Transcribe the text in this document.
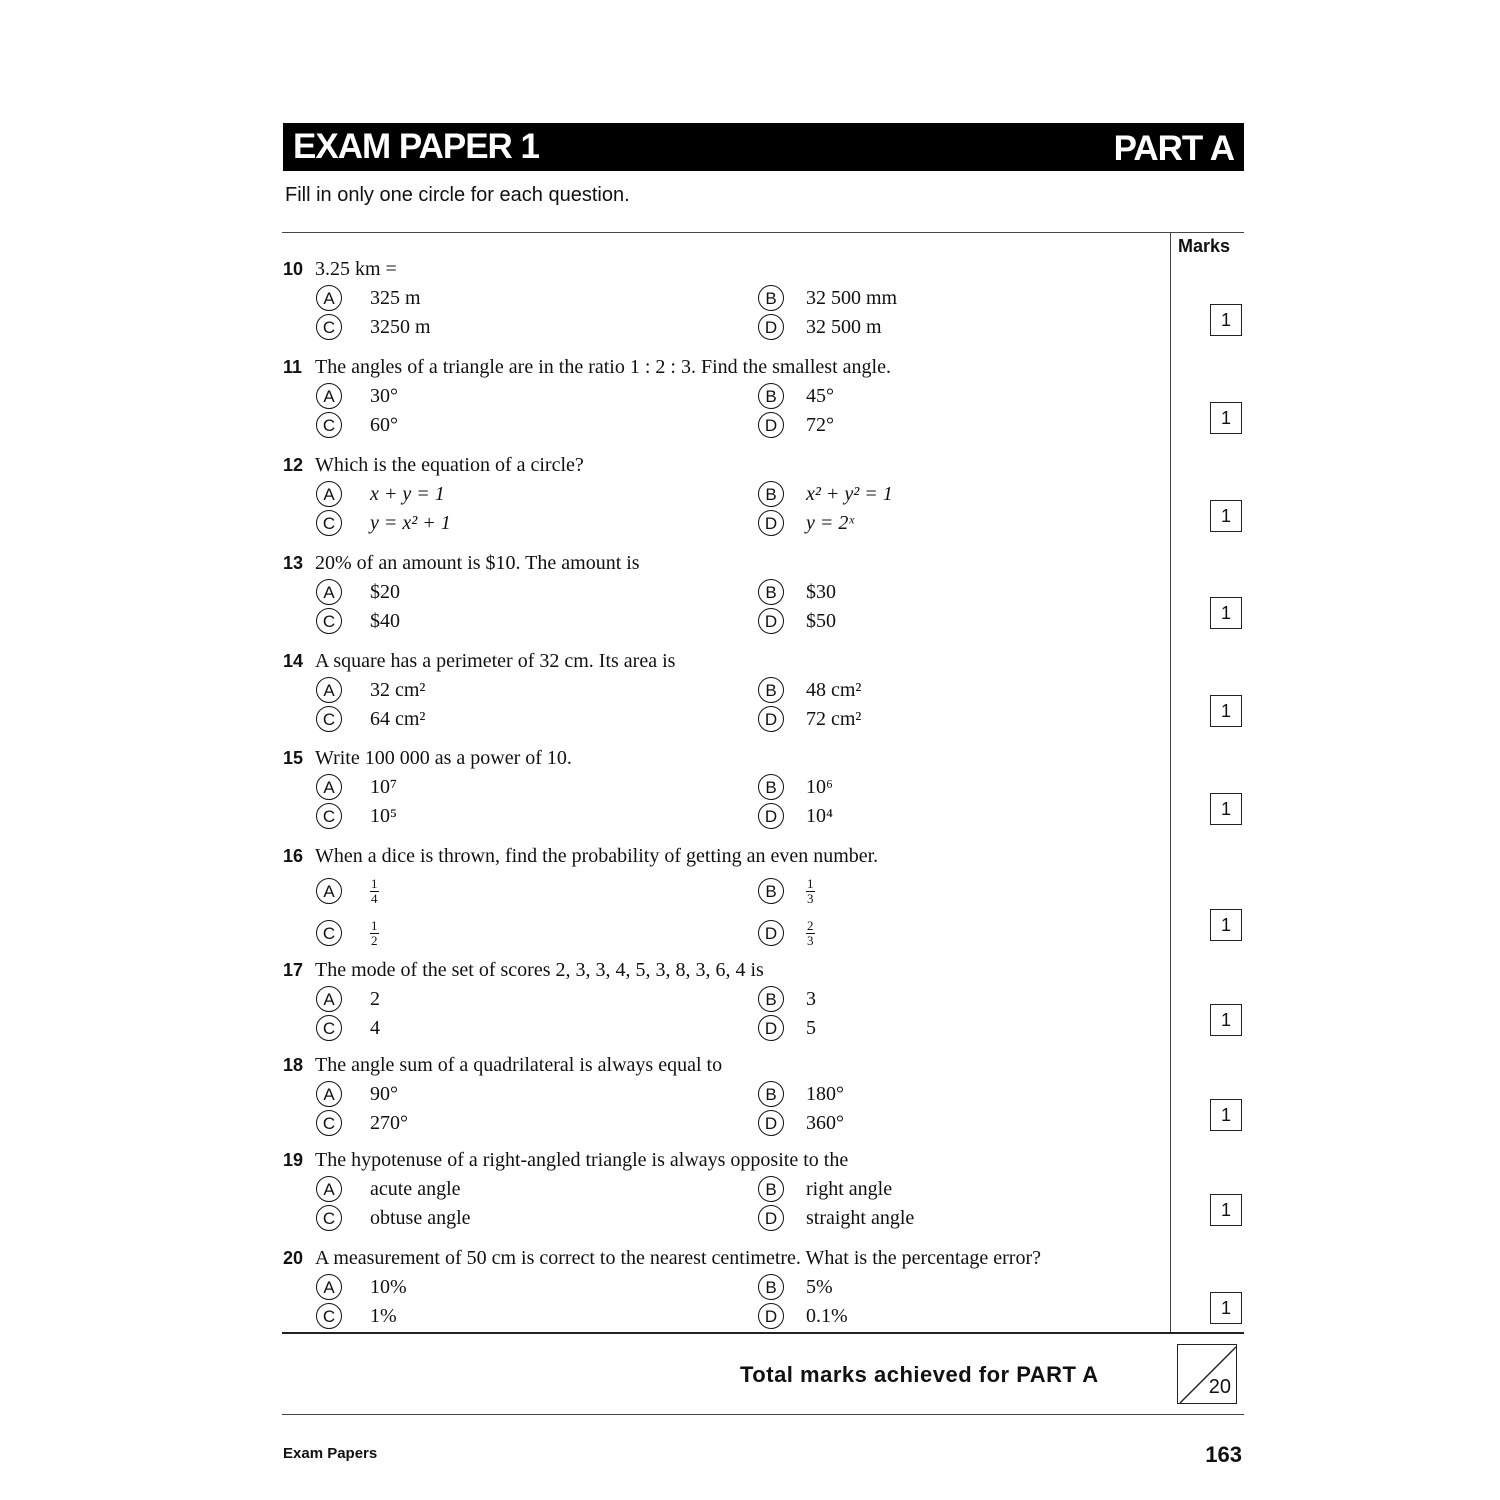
EXAM PAPER 1	PART A
Fill in only one circle for each question.
Marks
10 3.25 km =
A	325 m	B	32 500 mm
C	3250 m	D	32 500 m	1
11 The angles of a triangle are in the ratio 1 : 2 : 3. Find the smallest angle.
A	30°	B	45°
C	60°	D	72°	1
12 Which is the equation of a circle?
A	x + y = 1	B	x² + y² = 1
C	y = x² + 1	D	y = 2ˣ	1
13 20% of an amount is $10. The amount is
A	$20	B	$30
C	$40	D	$50	1
14 A square has a perimeter of 32 cm. Its area is
A	32 cm²	B	48 cm²
C	64 cm²	D	72 cm²	1
15 Write 100 000 as a power of 10.
A	10⁷	B	10⁶
C	10⁵	D	10⁴	1
16 When a dice is thrown, find the probability of getting an even number.
A	$\frac{1}{4}$	B	$\frac{1}{3}$
C	$\frac{1}{2}$	D	$\frac{2}{3}$	1
17 The mode of the set of scores 2, 3, 3, 4, 5, 3, 8, 3, 6, 4 is
A	2	B	3
C	4	D	5	1
18 The angle sum of a quadrilateral is always equal to
A	90°	B	180°
C	270°	D	360°	1
19 The hypotenuse of a right-angled triangle is always opposite to the
A	acute angle	B	right angle
C	obtuse angle	D	straight angle	1
20 A measurement of 50 cm is correct to the nearest centimetre. What is the percentage error?
A	10%	B	5%
C	1%	D	0.1%	1
Total marks achieved for PART A	20
Exam Papers	163
